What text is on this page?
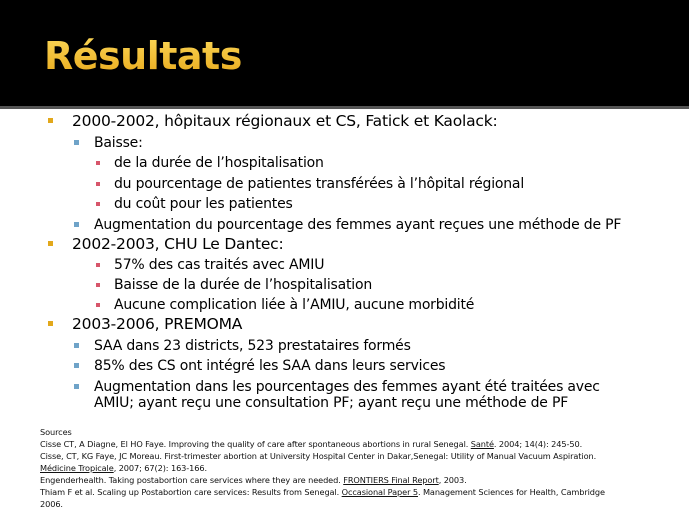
Résultats
2000-2002, hôpitaux régionaux et CS, Fatick et Kaolack:
Baisse:
de la durée de l’hospitalisation
du pourcentage de patientes transférées à l’hôpital régional
du coût pour les patientes
Augmentation du pourcentage des femmes ayant reçues une méthode de PF
2002-2003, CHU Le Dantec:
57% des cas traités avec AMIU
Baisse de la durée de l’hospitalisation
Aucune complication liée à l’AMIU, aucune morbidité
2003-2006, PREMOMA
SAA dans 23 districts, 523 prestataires formés
85% des CS ont intégré les SAA dans leurs services
Augmentation dans les pourcentages des femmes ayant été traitées avec
AMIU; ayant reçu une consultation PF; ayant reçu une méthode de PF
Sources
Cisse CT, A Diagne, El HO Faye. Improving the quality of care after spontaneous abortions in rural Senegal. Santé. 2004; 14(4): 245-50.
Cisse, CT, KG Faye, JC Moreau. First-trimester abortion at University Hospital Center in Dakar,Senegal: Utility of Manual Vacuum Aspiration.
Médicine Tropicale, 2007; 67(2): 163-166.
Engenderhealth. Taking postabortion care services where they are needed. FRONTIERS Final Report, 2003.
Thiam F et al. Scaling up Postabortion care services: Results from Senegal. Occasional Paper 5. Management Sciences for Health, Cambridge
2006.
